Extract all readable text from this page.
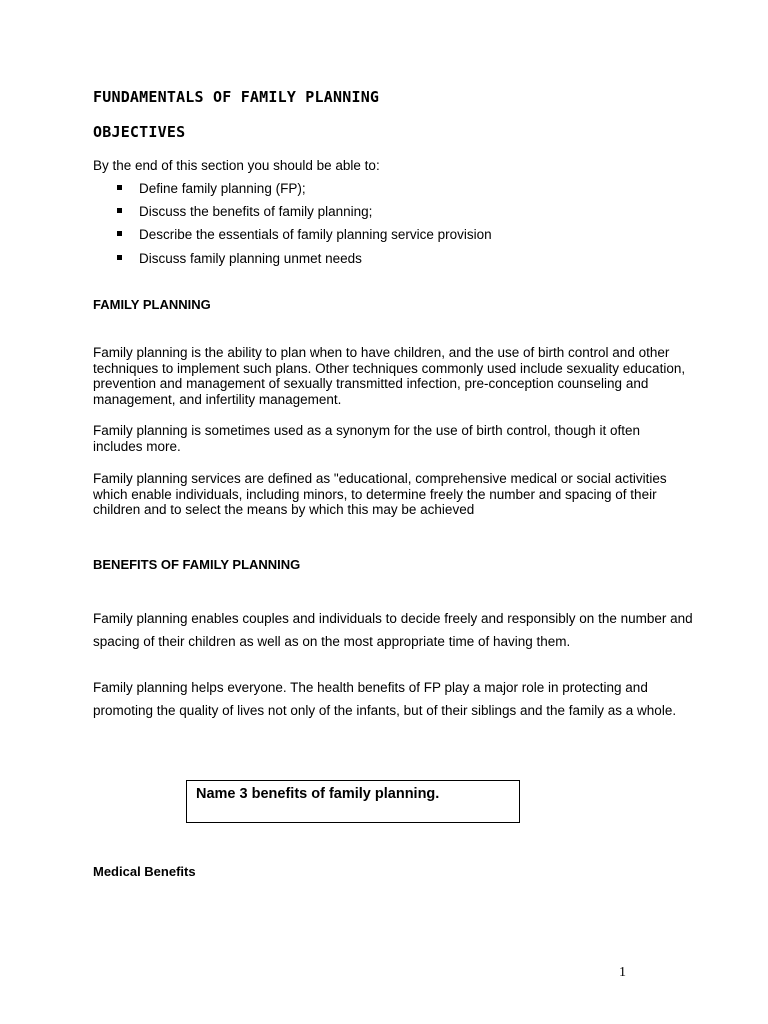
FUNDAMENTALS OF FAMILY PLANNING
OBJECTIVES

By the end of this section you should be able to:

Define family planning (FP);
Discuss the benefits of family planning;
Describe the essentials of family planning service provision
Discuss family planning unmet needs
FAMILY PLANNING

Family planning is the ability to plan when to have children, and the use of birth control and other techniques to implement such plans. Other techniques commonly used include sexuality education, prevention and management of sexually transmitted infection, pre-conception counseling and management, and infertility management.

Family planning is sometimes used as a synonym for the use of birth control, though it often includes more.

Family planning services are defined as "educational, comprehensive medical or social activities which enable individuals, including minors, to determine freely the number and spacing of their children and to select the means by which this may be achieved

BENEFITS OF FAMILY PLANNING

Family planning enables couples and individuals to decide freely and responsibly on the number and spacing of their children as well as on the most appropriate time of having them.

Family planning helps everyone. The health benefits of FP play a major role in protecting and promoting the quality of lives not only of the infants, but of their siblings and the family as a whole.

Name 3 benefits of family planning.
Medical Benefits
1
